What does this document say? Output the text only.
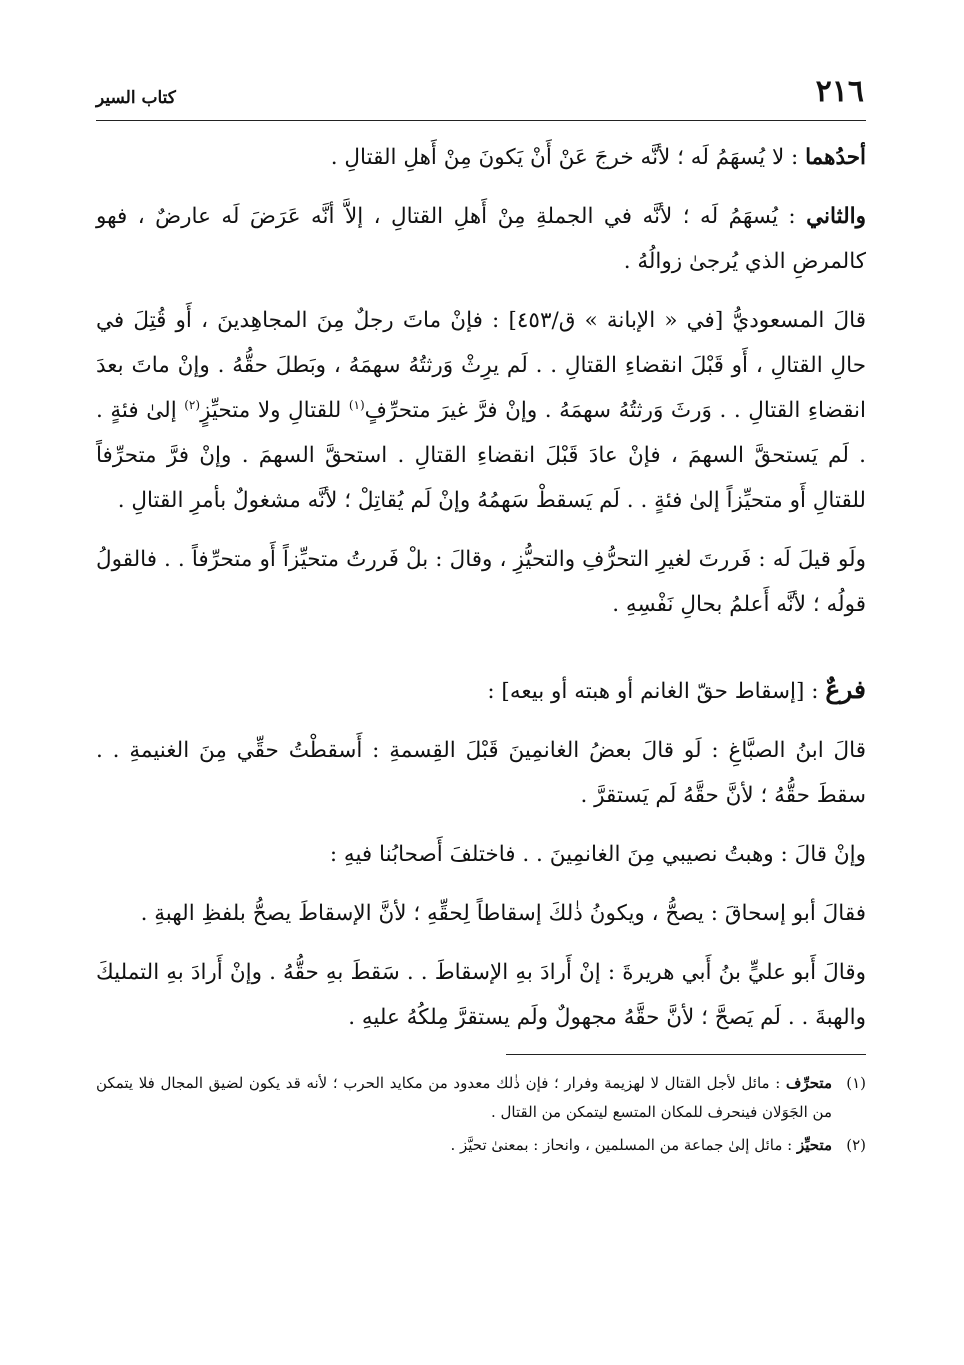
٢١٦
كتاب السير

أحدُهما : لا يُسهَمُ لَه ؛ لأنَّه خرجَ عَنْ أَنْ يَكونَ مِنْ أَهلِ القتالِ .

والثاني : يُسهَمُ لَه ؛ لأنَّه في الجملةِ مِنْ أَهلِ القتالِ ، إلاَّ أنَّه عَرَضَ لَه عارضٌ ، فهو كالمرضِ الذي يُرجىٰ زوالُهُ .

قالَ المسعوديُّ [في « الإبانة » ق/٤٥٣] : فإنْ ماتَ رجلٌ مِنَ المجاهِدينَ ، أَو قُتِلَ في حالِ القتالِ ، أَو قَبْلَ انقضاءِ القتالِ . . لَم يرِثْ وَرثتُهُ سهمَهُ ، وبَطلَ حقُّهُ . وإنْ ماتَ بعدَ انقضاءِ القتالِ . . وَرثَ وَرثتُهُ سهمَهُ . وإنْ فرَّ غيرَ متحرِّفٍ$^{(١)}$ للقتالِ ولا متحيِّزٍ$^{(٢)}$ إلىٰ فئةٍ . . لَم يَستحقَّ السهمَ ، فإنْ عادَ قَبْلَ انقضاءِ القتالِ . استحقَّ السهمَ . وإنْ فرَّ متحرِّفاً للقتالِ أَو متحيِّزاً إلىٰ فئةٍ . . لَم يَسقطْ سَهمُهُ وإنْ لَم يُقاتِلْ ؛ لأنَّه مشغولٌ بأمرِ القتالِ .

ولَو قيلَ لَه : فَررتَ لغيرِ التحرُّفِ والتحيُّزِ ، وقالَ : بلْ فَررتُ متحيِّزاً أَو متحرِّفاً . . فالقولُ قولُه ؛ لأنَّه أَعلمُ بحالِ نَفْسِهِ .

فرعٌ : [إسقاط حقّ الغانم أو هبته أو بيعه] :

قالَ ابنُ الصبَّاغِ : لَو قالَ بعضُ الغانمِينَ قَبْلَ القِسمةِ : أَسقطْتُ حقِّي مِنَ الغنيمةِ . . سقطَ حقُّهُ ؛ لأنَّ حقَّهُ لَم يَستقرَّ .

وإنْ قالَ : وهبتُ نصيبي مِنَ الغانمِينَ . . فاختلفَ أَصحابُنا فيهِ :

فقالَ أبو إسحاقَ : يصحُّ ، ويكونُ ذٰلكَ إسقاطاً لِحقِّهِ ؛ لأنَّ الإسقاطَ يصحُّ بلفظِ الهبةِ .

وقالَ أَبو عليٍّ بنُ أَبي هريرةَ : إنْ أَرادَ بهِ الإسقاطَ . . سَقطَ بهِ حقُّهُ . وإنْ أَرادَ بهِ التمليكَ والهبةَ . . لَم يَصحَّ ؛ لأنَّ حقَّهُ مجهولٌ ولَم يستقرَّ مِلكُهُ عليهِ .

(١)
متحرِّف : مائل لأجل القتال لا لهزيمة وفرار ؛ فإن ذٰلك معدود من مكايد الحرب ؛ لأنه قد يكون لضيق المجال فلا يتمكن من الجَوَلان فينحرف للمكان المتسع ليتمكن من القتال .
(٢)
متحيِّز : مائل إلىٰ جماعة من المسلمين ، وانحاز : بمعنىٰ تحيَّز .
